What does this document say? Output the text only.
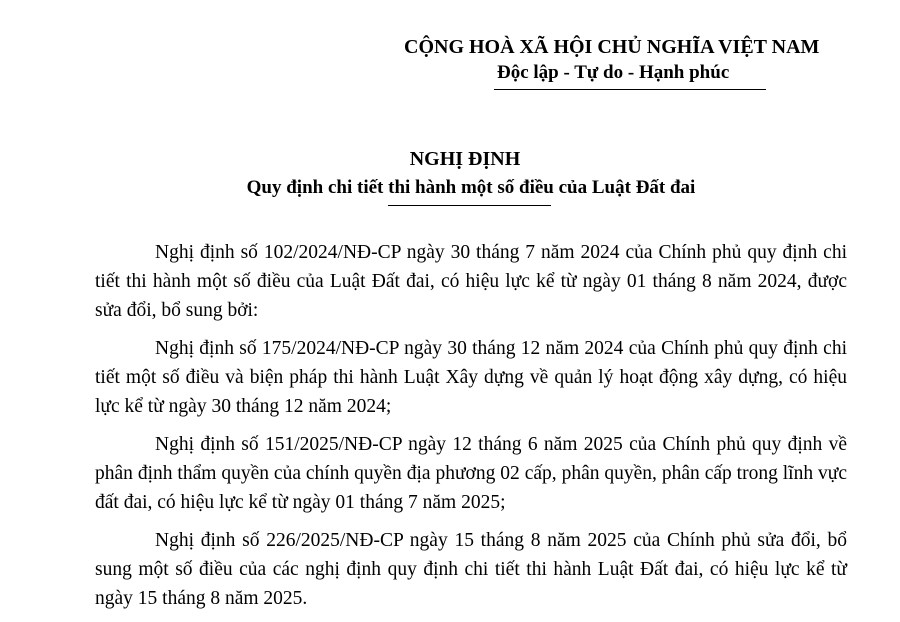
CỘNG HOÀ XÃ HỘI CHỦ NGHĨA VIỆT NAM
Độc lập - Tự do - Hạnh phúc
NGHỊ ĐỊNH
Quy định chi tiết thi hành một số điều của Luật Đất đai

Nghị định số 102/2024/NĐ-CP ngày 30 tháng 7 năm 2024 của Chính phủ quy định chi tiết thi hành một số điều của Luật Đất đai, có hiệu lực kể từ ngày 01 tháng 8 năm 2024, được sửa đổi, bổ sung bởi:

Nghị định số 175/2024/NĐ-CP ngày 30 tháng 12 năm 2024 của Chính phủ quy định chi tiết một số điều và biện pháp thi hành Luật Xây dựng về quản lý hoạt động xây dựng, có hiệu lực kể từ ngày 30 tháng 12 năm 2024;

Nghị định số 151/2025/NĐ-CP ngày 12 tháng 6 năm 2025 của Chính phủ quy định về phân định thẩm quyền của chính quyền địa phương 02 cấp, phân quyền, phân cấp trong lĩnh vực đất đai, có hiệu lực kể từ ngày 01 tháng 7 năm 2025;

Nghị định số 226/2025/NĐ-CP ngày 15 tháng 8 năm 2025 của Chính phủ sửa đổi, bổ sung một số điều của các nghị định quy định chi tiết thi hành Luật Đất đai, có hiệu lực kể từ ngày 15 tháng 8 năm 2025.
